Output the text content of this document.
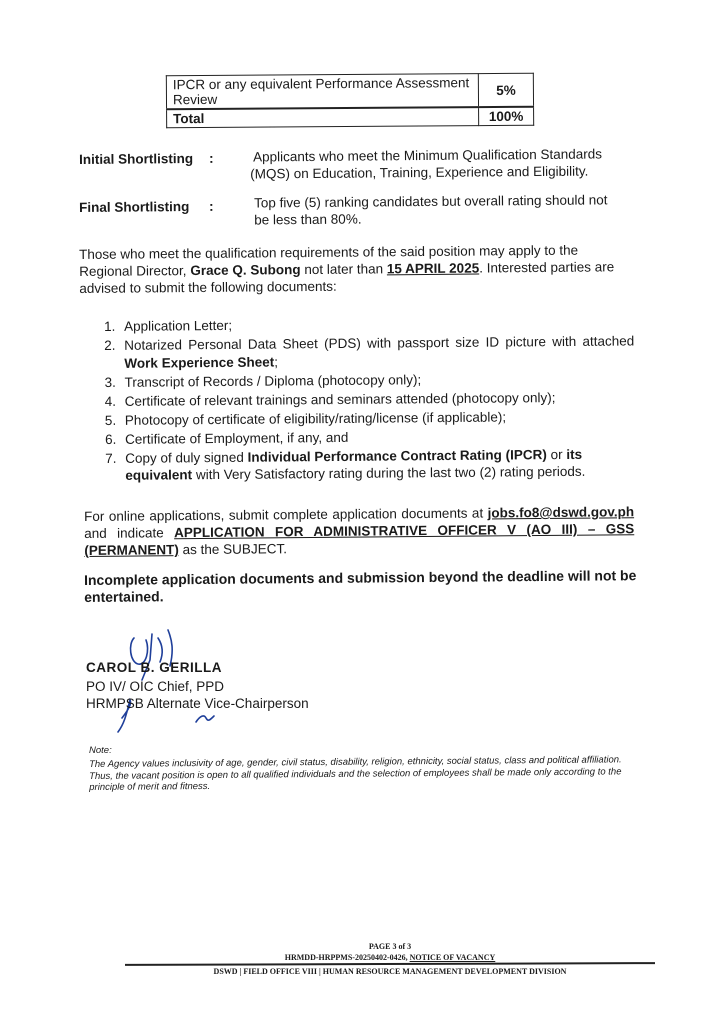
IPCR or any equivalent Performance Assessment Review	5%
Total	100%
Initial Shortlisting :	Applicants who meet the Minimum Qualification Standards (MQS) on Education, Training, Experience and Eligibility.
Final Shortlisting :	Top five (5) ranking candidates but overall rating should not be less than 80%.
Those who meet the qualification requirements of the said position may apply to the Regional Director, Grace Q. Subong not later than 15 APRIL 2025. Interested parties are advised to submit the following documents:
1. Application Letter;
2. Notarized Personal Data Sheet (PDS) with passport size ID picture with attached Work Experience Sheet;
3. Transcript of Records / Diploma (photocopy only);
4. Certificate of relevant trainings and seminars attended (photocopy only);
5. Photocopy of certificate of eligibility/rating/license (if applicable);
6. Certificate of Employment, if any, and
7. Copy of duly signed Individual Performance Contract Rating (IPCR) or its equivalent with Very Satisfactory rating during the last two (2) rating periods.
For online applications, submit complete application documents at jobs.fo8@dswd.gov.ph and indicate APPLICATION FOR ADMINISTRATIVE OFFICER V (AO III) – GSS (PERMANENT) as the SUBJECT.
Incomplete application documents and submission beyond the deadline will not be entertained.
CAROL B. GERILLA
PO IV/ OIC Chief, PPD
HRMPSB Alternate Vice-Chairperson
Note:
The Agency values inclusivity of age, gender, civil status, disability, religion, ethnicity, social status, class and political affiliation. Thus, the vacant position is open to all qualified individuals and the selection of employees shall be made only according to the principle of merit and fitness.
PAGE 3 of 3
HRMDD-HRPPMS-20250402-0426, NOTICE OF VACANCY
DSWD | FIELD OFFICE VIII | HUMAN RESOURCE MANAGEMENT DEVELOPMENT DIVISION
